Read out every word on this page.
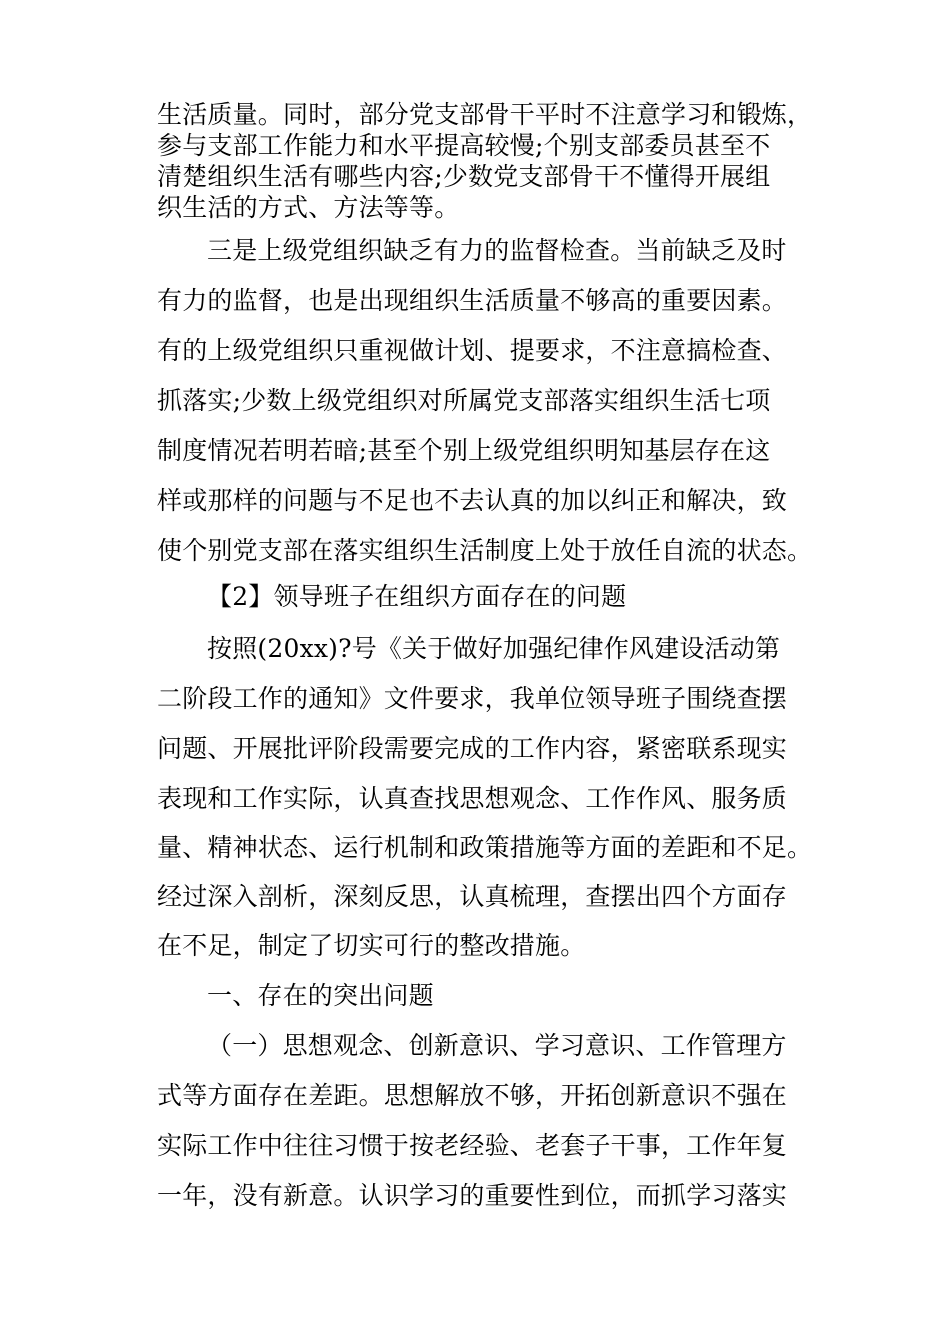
生活质量。同时，部分党支部骨干平时不注意学习和锻炼，
参与支部工作能力和水平提高较慢;个别支部委员甚至不
清楚组织生活有哪些内容;少数党支部骨干不懂得开展组
织生活的方式、方法等等。
三是上级党组织缺乏有力的监督检查。当前缺乏及时
有力的监督，也是出现组织生活质量不够高的重要因素。
有的上级党组织只重视做计划、提要求，不注意搞检查、
抓落实;少数上级党组织对所属党支部落实组织生活七项
制度情况若明若暗;甚至个别上级党组织明知基层存在这
样或那样的问题与不足也不去认真的加以纠正和解决，致
使个别党支部在落实组织生活制度上处于放任自流的状态。
【2】领导班子在组织方面存在的问题
按照(20xx)?号《关于做好加强纪律作风建设活动第
二阶段工作的通知》文件要求，我单位领导班子围绕查摆
问题、开展批评阶段需要完成的工作内容，紧密联系现实
表现和工作实际，认真查找思想观念、工作作风、服务质
量、精神状态、运行机制和政策措施等方面的差距和不足。
经过深入剖析，深刻反思，认真梳理，查摆出四个方面存
在不足，制定了切实可行的整改措施。
一、存在的突出问题
（一）思想观念、创新意识、学习意识、工作管理方
式等方面存在差距。思想解放不够，开拓创新意识不强在
实际工作中往往习惯于按老经验、老套子干事，工作年复
一年，没有新意。认识学习的重要性到位，而抓学习落实
